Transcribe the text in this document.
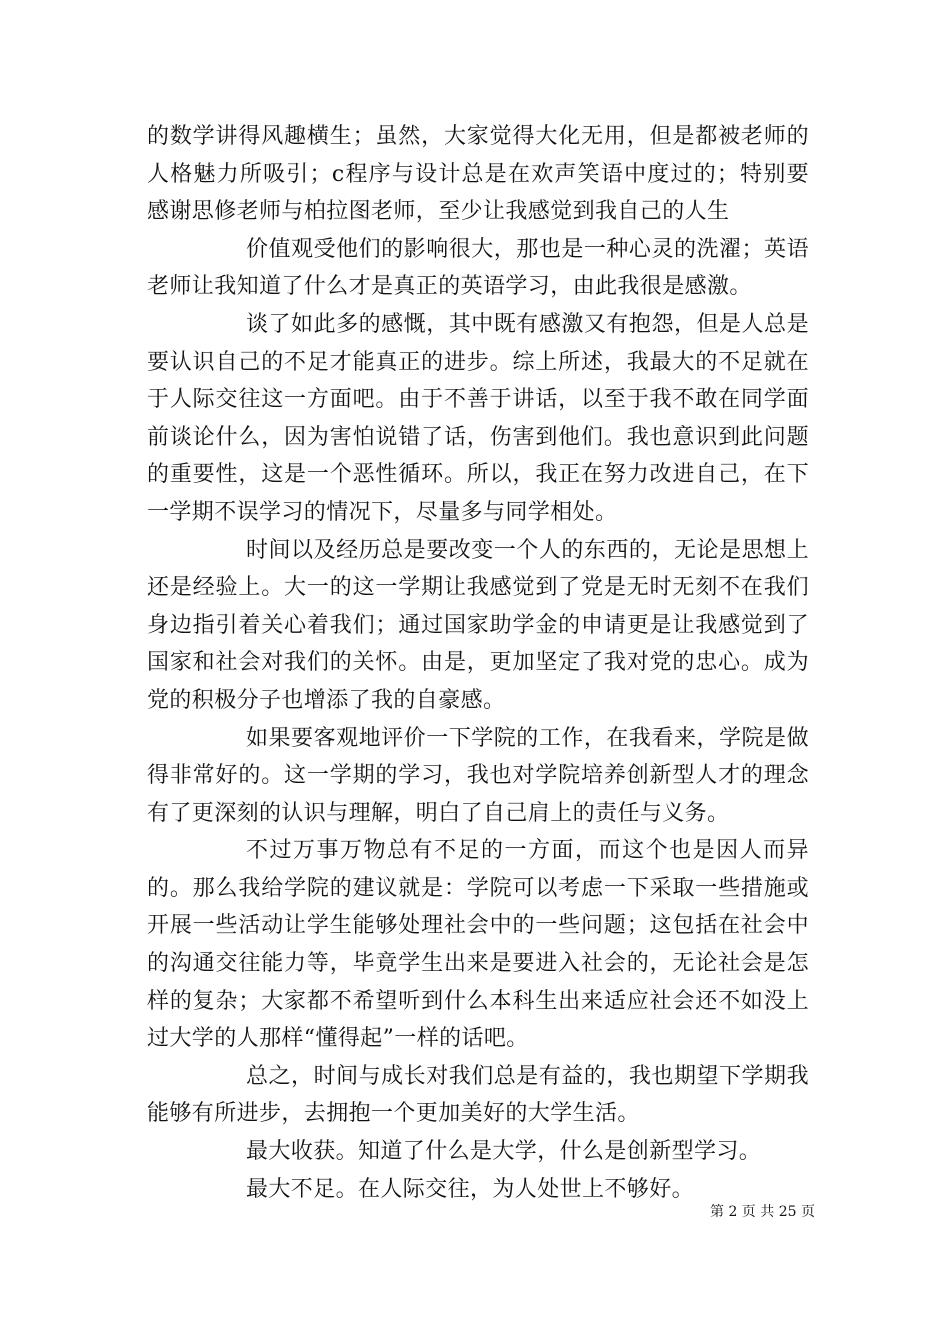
的数学讲得风趣横生；虽然，大家觉得大化无用，但是都被老师的人格魅力所吸引；c程序与设计总是在欢声笑语中度过的；特别要感谢思修老师与柏拉图老师，至少让我感觉到我自己的人生

价值观受他们的影响很大，那也是一种心灵的洗濯；英语老师让我知道了什么才是真正的英语学习，由此我很是感激。

谈了如此多的感慨，其中既有感激又有抱怨，但是人总是要认识自己的不足才能真正的进步。综上所述，我最大的不足就在于人际交往这一方面吧。由于不善于讲话，以至于我不敢在同学面前谈论什么，因为害怕说错了话，伤害到他们。我也意识到此问题的重要性，这是一个恶性循环。所以，我正在努力改进自己，在下一学期不误学习的情况下，尽量多与同学相处。

时间以及经历总是要改变一个人的东西的，无论是思想上还是经验上。大一的这一学期让我感觉到了党是无时无刻不在我们身边指引着关心着我们；通过国家助学金的申请更是让我感觉到了国家和社会对我们的关怀。由是，更加坚定了我对党的忠心。成为党的积极分子也增添了我的自豪感。

如果要客观地评价一下学院的工作，在我看来，学院是做得非常好的。这一学期的学习，我也对学院培养创新型人才的理念有了更深刻的认识与理解，明白了自己肩上的责任与义务。

不过万事万物总有不足的一方面，而这个也是因人而异的。那么我给学院的建议就是：学院可以考虑一下采取一些措施或开展一些活动让学生能够处理社会中的一些问题；这包括在社会中的沟通交往能力等，毕竟学生出来是要进入社会的，无论社会是怎样的复杂；大家都不希望听到什么本科生出来适应社会还不如没上过大学的人那样“懂得起”一样的话吧。

总之，时间与成长对我们总是有益的，我也期望下学期我能够有所进步，去拥抱一个更加美好的大学生活。

最大收获。知道了什么是大学，什么是创新型学习。

最大不足。在人际交往，为人处世上不够好。

第 2 页 共 25 页
